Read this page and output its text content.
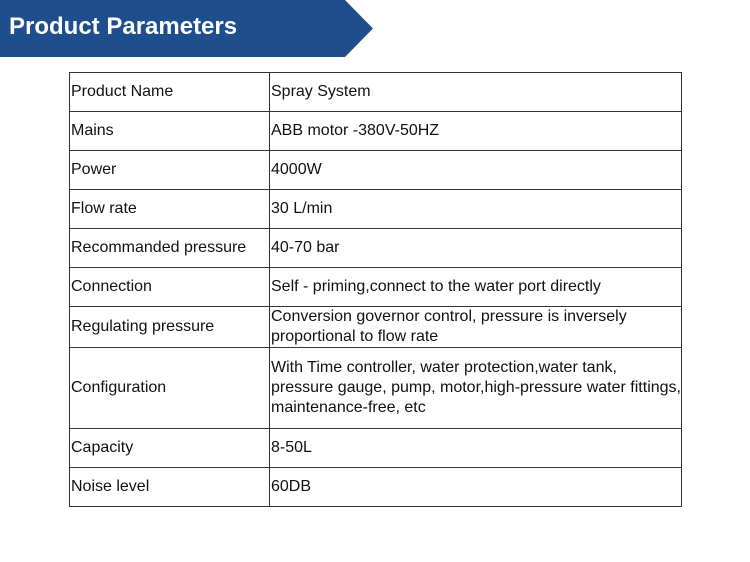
Product Parameters
Product Name	Spray System
Mains	ABB motor -380V-50HZ
Power	4000W
Flow rate	30 L/min
Recommanded pressure	40-70 bar
Connection	Self - priming,connect to the water port directly
Regulating pressure	Conversion governor control, pressure is inversely proportional to flow rate
Configuration	With Time controller, water protection,water tank, pressure gauge, pump, motor,high-pressure water fittings, maintenance-free, etc
Capacity	8-50L
Noise level	60DB
